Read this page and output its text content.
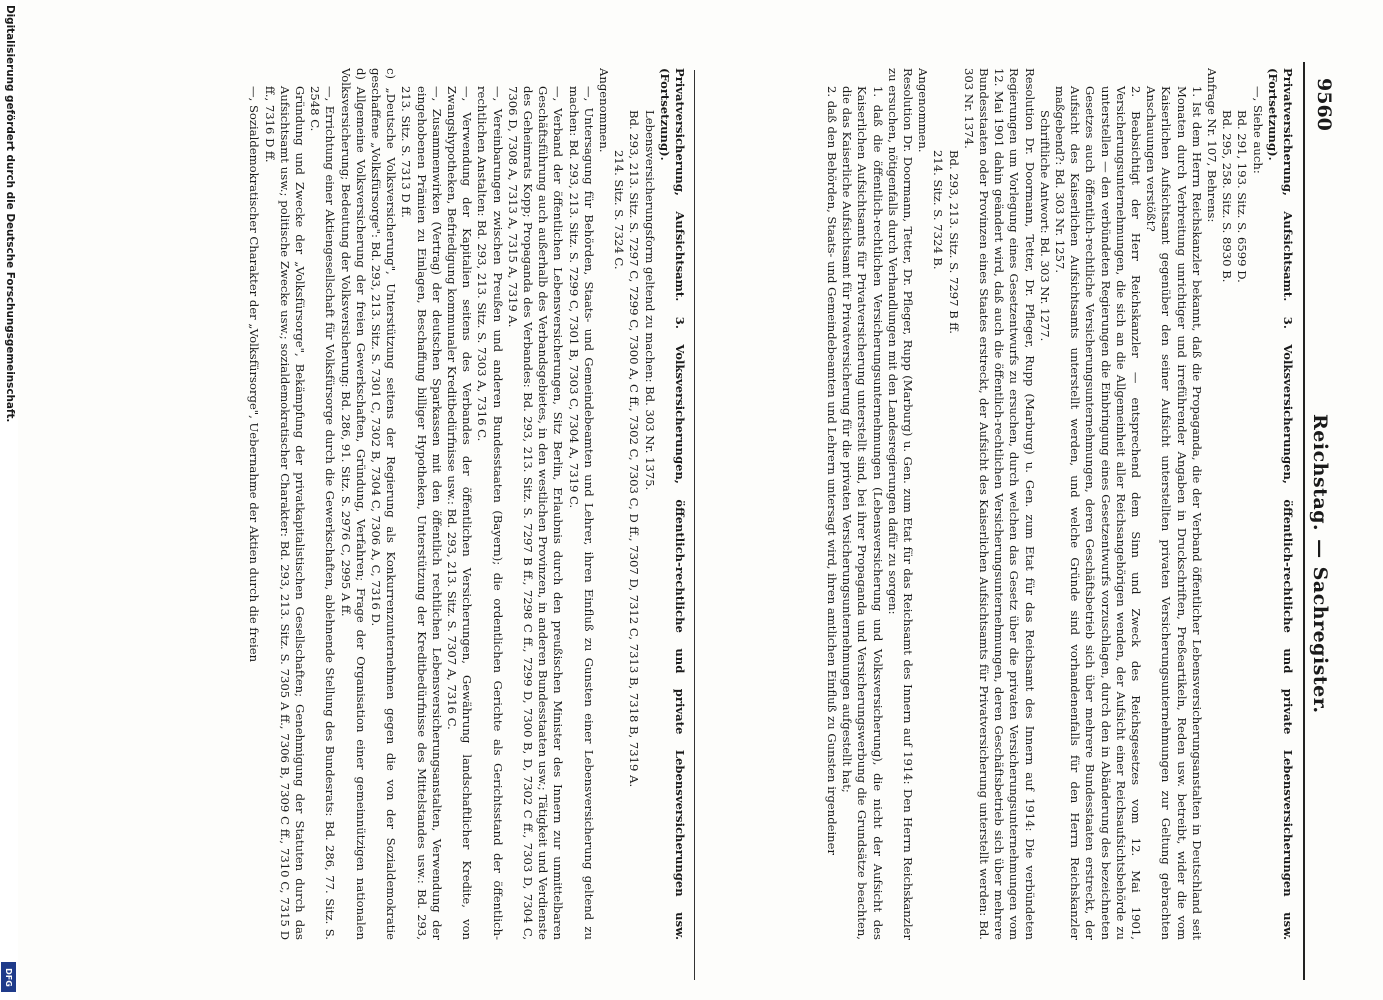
Digitalisierung gefördert durch die Deutsche Forschungsgemeinschaft.
DFG
9560
Reichstag.—Sachregister.

Privatversicherung, Aufsichtsamt. 3. Volksversicherungen, öffentlich-rechtliche und private Lebensversicherungen usw. (Fortsetzung).

—, Siehe auch:

Bd. 291, 193. Sitz. S. 6599 D.

Bd. 295, 258. Sitz. S. 8930 B.

Anfrage Nr. 107, Behrens:

1. Ist dem Herrn Reichskanzler bekannt, daß die Propaganda, die der Verband öffentlicher Lebensversicherungsanstalten in Deutschland seit Monaten durch Verbreitung unrichtiger und irreführender Angaben in Druckschriften, Preßeartikeln, Reden usw. betreibt, wider die vom Kaiserlichen Aufsichtsamt gegenüber den seiner Aufsicht unterstellten privaten Versicherungsunternehmungen zur Geltung gebrachten Anschauungen verstößt?

2. Beabsichtigt der Herr Reichskanzler — entsprechend dem Sinn und Zweck des Reichsgesetzes vom 12. Mai 1901, Versicherungsunternehmungen, die sich an die Allgemeinheit aller Reichsangehörigen wenden, der Aufsicht einer Reichsaufsichtsbehörde zu unterstellen — den verbündeten Regierungen die Einbringung eines Gesetzentwurfs vorzuschlagen, durch den in Abänderung des bezeichneten Gesetzes auch öffentlich-rechtliche Versicherungsunternehmungen, deren Geschäftsbetrieb sich über mehrere Bundesstaaten erstreckt, der Aufsicht des Kaiserlichen Aufsichtsamts unterstellt werden, und welche Gründe sind vorhandenenfalls für den Herrn Reichskanzler maßgebend?: Bd. 303 Nr. 1257.

Schriftliche Antwort: Bd. 303 Nr. 1277.

Resolution Dr. Doormann, Tetter, Dr. Pfleger, Rupp (Marburg) u. Gen. zum Etat für das Reichsamt des Innern auf 1914: Die verbündeten Regierungen um Vorlegung eines Gesetzentwurfs zu ersuchen, durch welchen das Gesetz über die privaten Versicherungsunternehmungen vom 12. Mai 1901 dahin geändert wird, daß auch die öffentlich-rechtlichen Versicherungsunternehmungen, deren Geschäftsbetrieb sich über mehrere Bundesstaaten oder Provinzen eines Staates erstreckt, der Aufsicht des Kaiserlichen Aufsichtsamts für Privatversicherung unterstellt werden: Bd. 303 Nr. 1374.

Bd. 293, 213. Sitz. S. 7297 B ff.

214. Sitz. S. 7324 B.

Angenommen.

Resolution Dr. Doormann, Tetter, Dr. Pfleger, Rupp (Marburg) u. Gen. zum Etat für das Reichsamt des Innern auf 1914: Den Herrn Reichskanzler zu ersuchen, nötigenfalls durch Verhandlungen mit den Landesregierungen dafür zu sorgen:

1. daß die öffentlich-rechtlichen Versicherungsunternehmungen (Lebensversicherung und Volksversicherung), die nicht der Aufsicht des Kaiserlichen Aufsichtsamts für Privatversicherung unterstellt sind, bei ihrer Propaganda und Versicherungswerbung die Grundsätze beachten, die das Kaiserliche Aufsichtsamt für Privatversicherung für die privaten Versicherungsunternehmungen aufgestellt hat;

2. daß den Behörden, Staats- und Gemeindebeamten und Lehrern untersagt wird, ihren amtlichen Einfluß zu Gunsten irgendeiner

Privatversicherung, Aufsichtsamt. 3. Volksversicherungen, öffentlich-rechtliche und private Lebensversicherungen usw. (Fortsetzung).

Lebensversicherungsform geltend zu machen: Bd. 303 Nr. 1375.

Bd. 293, 213. Sitz. S. 7297 C, 7299 C, 7300 A, C ff., 7302 C, 7303 C, D ff., 7307 D, 7312 C, 7313 B, 7318 B, 7319 A.

214. Sitz. S. 7324 C.

Angenommen.

—, Untersagung für Behörden, Staats- und Gemeindebeamten und Lehrer, ihren Einfluß zu Gunsten einer Lebensversicherung geltend zu machen: Bd. 293, 213. Sitz. S. 7299 C, 7301 B, 7303 C, 7304 A, 7319 C.

—, Verband der öffentlichen Lebensversicherungen, Sitz Berlin, Erlaubnis durch den preußischen Minister des Innern zur unmittelbaren Geschäftsführung auch außerhalb des Verbandsgebietes, in den westlichen Provinzen, in anderen Bundesstaaten usw.; Tätigkeit und Verdienste des Geheimrats Kopp; Propaganda des Verbandes: Bd. 293, 213. Sitz. S. 7297 B ff., 7298 C ff., 7299 D, 7300 B, D, 7302 C ff., 7303 D, 7304 C, 7306 D, 7308 A, 7313 A, 7315 A, 7319 A.

—, Vereinbarungen zwischen Preußen und anderen Bundesstaaten (Bayern); die ordentlichen Gerichte als Gerichtsstand der öffentlich-rechtlichen Anstalten: Bd. 293, 213. Sitz. S. 7303 A, 7316 C.

—, Verwendung der Kapitalien seitens des Verbandes der öffentlichen Versicherungen, Gewährung landschaftlicher Kredite, von Zwangshypotheken, Befriedigung kommunaler Kreditbedürfnisse usw.: Bd. 293, 213. Sitz. S. 7307 A, 7316 C.

—, Zusammenwirken (Vertrag) der deutschen Sparkassen mit den öffentlich rechtlichen Lebensversicherungsanstalten, Verwendung der eingehobenen Prämien zu Einlagen, Beschaffung billiger Hypotheken, Unterstützung der Kreditbedürfnisse des Mittelstandes usw.: Bd. 293, 213. Sitz. S. 7313 D ff.

c) „Deutsche Volksversicherung", Unterstützung seitens der Regierung als Konkurrenzunternehmen gegen die von der Sozialdemokratie geschaffene „Volksfürsorge": Bd. 293, 213. Sitz. S. 7301 C, 7302 B, 7304 C, 7306 A, C, 7316 D.

d) Allgemeine Volksversicherung der freien Gewerkschaften, Gründung, Verfahren; Frage der Organisation einer gemeinnützigen nationalen Volksversicherung; Bedeutung der Volksversicherung: Bd. 286, 91. Sitz. S. 2976 C, 2995 A ff.

—, Errichtung einer Aktiengesellschaft für Volksfürsorge durch die Gewerkschaften, ablehnende Stellung des Bundesrats: Bd. 286, 77. Sitz. S. 2548 C.

Gründung und Zwecke der „Volksfürsorge", Bekämpfung der privatkapitalistischen Gesellschaften; Genehmigung der Statuten durch das Aufsichtsamt usw.; politische Zwecke usw.; sozialdemokratischer Charakter: Bd. 293, 213. Sitz. S. 7305 A ff., 7306 B, 7309 C ff., 7310 C, 7315 D ff., 7316 D ff.

—, Sozialdemokratischer Charakter der „Volksfürsorge", Uebernahme der Aktien durch die freien
